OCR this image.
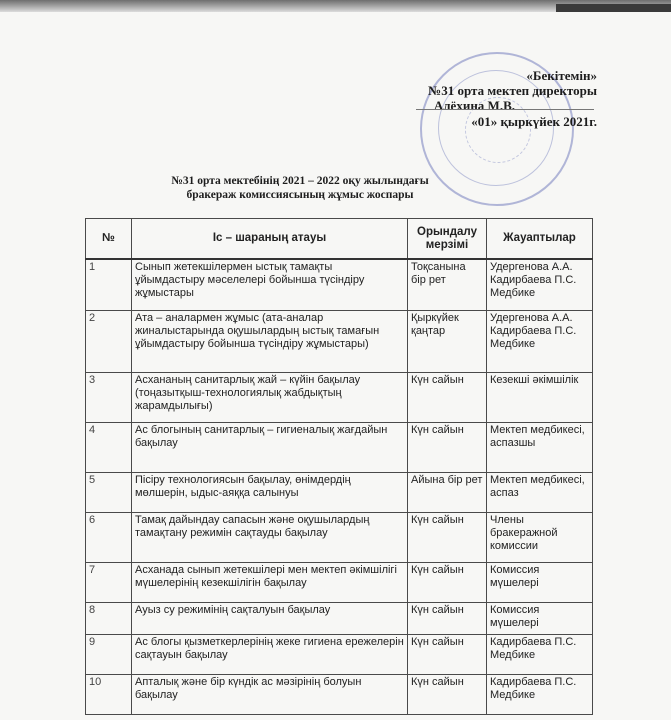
«Бекітемін»
№31 орта мектеп директоры
Алёхина М.В.
«01» қыркүйек 2021г.
№31 орта мектебінің 2021 – 2022 оқу жылындағы
бракераж комиссиясының жұмыс жоспары
№	Іс – шараның атауы	Орындалу мерзімі	Жауаптылар
1	Сынып жетекшілермен ыстық тамақты ұйымдастыру мәселелері бойынша түсіндіру жұмыстары	Тоқсанына бір рет	Удергенова А.А. Кадирбаева П.С. Медбике
2	Ата – аналармен жұмыс (ата-аналар жиналыстарында оқушылардың ыстық тамағын ұйымдастыру бойынша түсіндіру жұмыстары)	Қыркүйек қаңтар	Удергенова А.А. Кадирбаева П.С. Медбике
3	Асхананың санитарлық жай – күйін бақылау (тоңазытқыш-технологиялық жабдықтың жарамдылығы)	Күн сайын	Кезекші әкімшілік
4	Ас блогының санитарлық – гигиеналық жағдайын бақылау	Күн сайын	Мектеп медбикесі, аспазшы
5	Пісіру технологиясын бақылау, өнімдердің мөлшерін, ыдыс-аяққа салынуы	Айына бір рет	Мектеп медбикесі, аспаз
6	Тамақ дайындау сапасын және оқушылардың тамақтану режимін сақтауды бақылау	Күн сайын	Члены бракеражной комиссии
7	Асханада сынып жетекшілері мен мектеп әкімшілігі мүшелерінің кезекшілігін бақылау	Күн сайын	Комиссия мүшелері
8	Ауыз су режимінің сақталуын бақылау	Күн сайын	Комиссия мүшелері
9	Ас блогы қызметкерлерінің жеке гигиена ережелерін сақтауын бақылау	Күн сайын	Кадирбаева П.С. Медбике
10	Апталық және бір күндік ас мәзірінің болуын бақылау	Күн сайын	Кадирбаева П.С. Медбике
